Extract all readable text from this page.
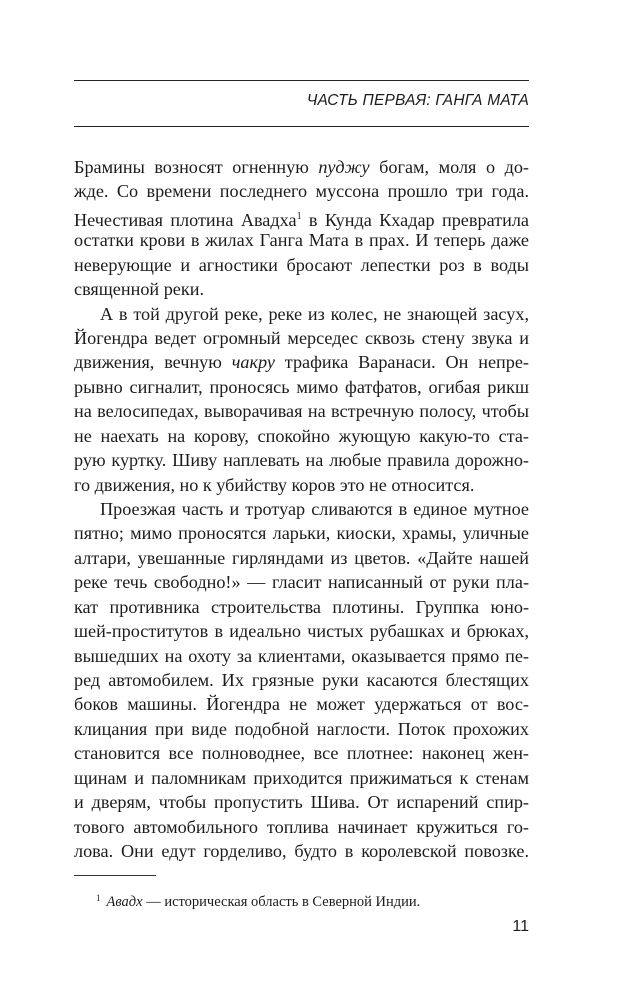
ЧАСТЬ ПЕРВАЯ: ГАНГА МАТА
Брамины возносят огненную пуджу богам, моля о до-
жде. Со времени последнего муссона прошло три года.
Нечестивая плотина Авадха$^1$ в Кунда Кхадар превратила
остатки крови в жилах Ганга Мата в прах. И теперь даже
неверующие и агностики бросают лепестки роз в воды
священной реки.
А в той другой реке, реке из колес, не знающей засух,
Йогендра ведет огромный мерседес сквозь стену звука и
движения, вечную чакру трафика Варанаси. Он непре-
рывно сигналит, проносясь мимо фатфатов, огибая рикш
на велосипедах, выворачивая на встречную полосу, чтобы
не наехать на корову, спокойно жующую какую-то ста-
рую куртку. Шиву наплевать на любые правила дорожно-
го движения, но к убийству коров это не относится.
Проезжая часть и тротуар сливаются в единое мутное
пятно; мимо проносятся ларьки, киоски, храмы, уличные
алтари, увешанные гирляндами из цветов. «Дайте нашей
реке течь свободно!» — гласит написанный от руки пла-
кат противника строительства плотины. Группка юно-
шей-проститутов в идеально чистых рубашках и брюках,
вышедших на охоту за клиентами, оказывается прямо пе-
ред автомобилем. Их грязные руки касаются блестящих
боков машины. Йогендра не может удержаться от вос-
клицания при виде подобной наглости. Поток прохожих
становится все полноводнее, все плотнее: наконец жен-
щинам и паломникам приходится прижиматься к стенам
и дверям, чтобы пропустить Шива. От испарений спир-
тового автомобильного топлива начинает кружиться го-
лова. Они едут горделиво, будто в королевской повозке.
$^1$ Авадх — историческая область в Северной Индии.
11
